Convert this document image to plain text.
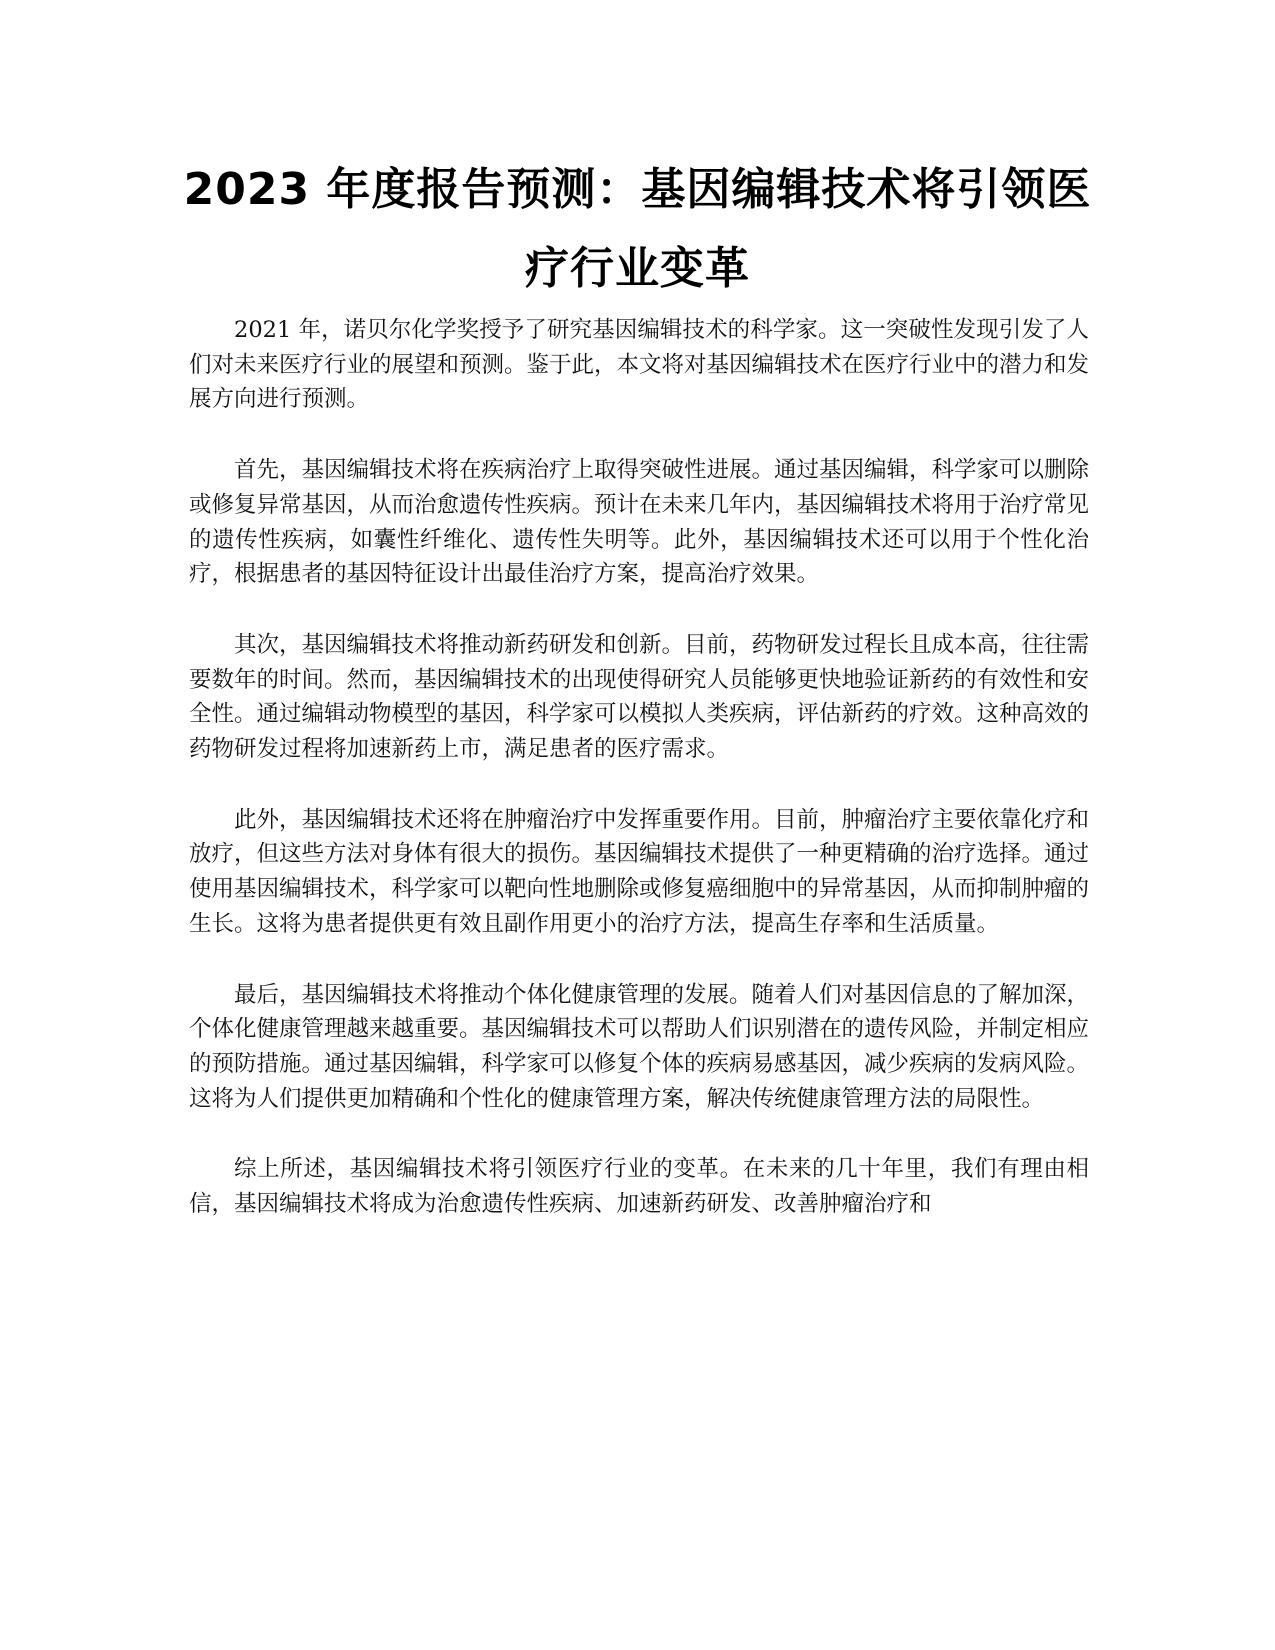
2023 年度报告预测：基因编辑技术将引领医
疗行业变革

2021 年，诺贝尔化学奖授予了研究基因编辑技术的科学家。这一突破性发现引发了人们对未来医疗行业的展望和预测。鉴于此，本文将对基因编辑技术在医疗行业中的潜力和发展方向进行预测。

首先，基因编辑技术将在疾病治疗上取得突破性进展。通过基因编辑，科学家可以删除或修复异常基因，从而治愈遗传性疾病。预计在未来几年内，基因编辑技术将用于治疗常见的遗传性疾病，如囊性纤维化、遗传性失明等。此外，基因编辑技术还可以用于个性化治疗，根据患者的基因特征设计出最佳治疗方案，提高治疗效果。

其次，基因编辑技术将推动新药研发和创新。目前，药物研发过程长且成本高，往往需要数年的时间。然而，基因编辑技术的出现使得研究人员能够更快地验证新药的有效性和安全性。通过编辑动物模型的基因，科学家可以模拟人类疾病，评估新药的疗效。这种高效的药物研发过程将加速新药上市，满足患者的医疗需求。

此外，基因编辑技术还将在肿瘤治疗中发挥重要作用。目前，肿瘤治疗主要依靠化疗和放疗，但这些方法对身体有很大的损伤。基因编辑技术提供了一种更精确的治疗选择。通过使用基因编辑技术，科学家可以靶向性地删除或修复癌细胞中的异常基因，从而抑制肿瘤的生长。这将为患者提供更有效且副作用更小的治疗方法，提高生存率和生活质量。

最后，基因编辑技术将推动个体化健康管理的发展。随着人们对基因信息的了解加深，个体化健康管理越来越重要。基因编辑技术可以帮助人们识别潜在的遗传风险，并制定相应的预防措施。通过基因编辑，科学家可以修复个体的疾病易感基因，减少疾病的发病风险。这将为人们提供更加精确和个性化的健康管理方案，解决传统健康管理方法的局限性。

综上所述，基因编辑技术将引领医疗行业的变革。在未来的几十年里，我们有理由相信，基因编辑技术将成为治愈遗传性疾病、加速新药研发、改善肿瘤治疗和
